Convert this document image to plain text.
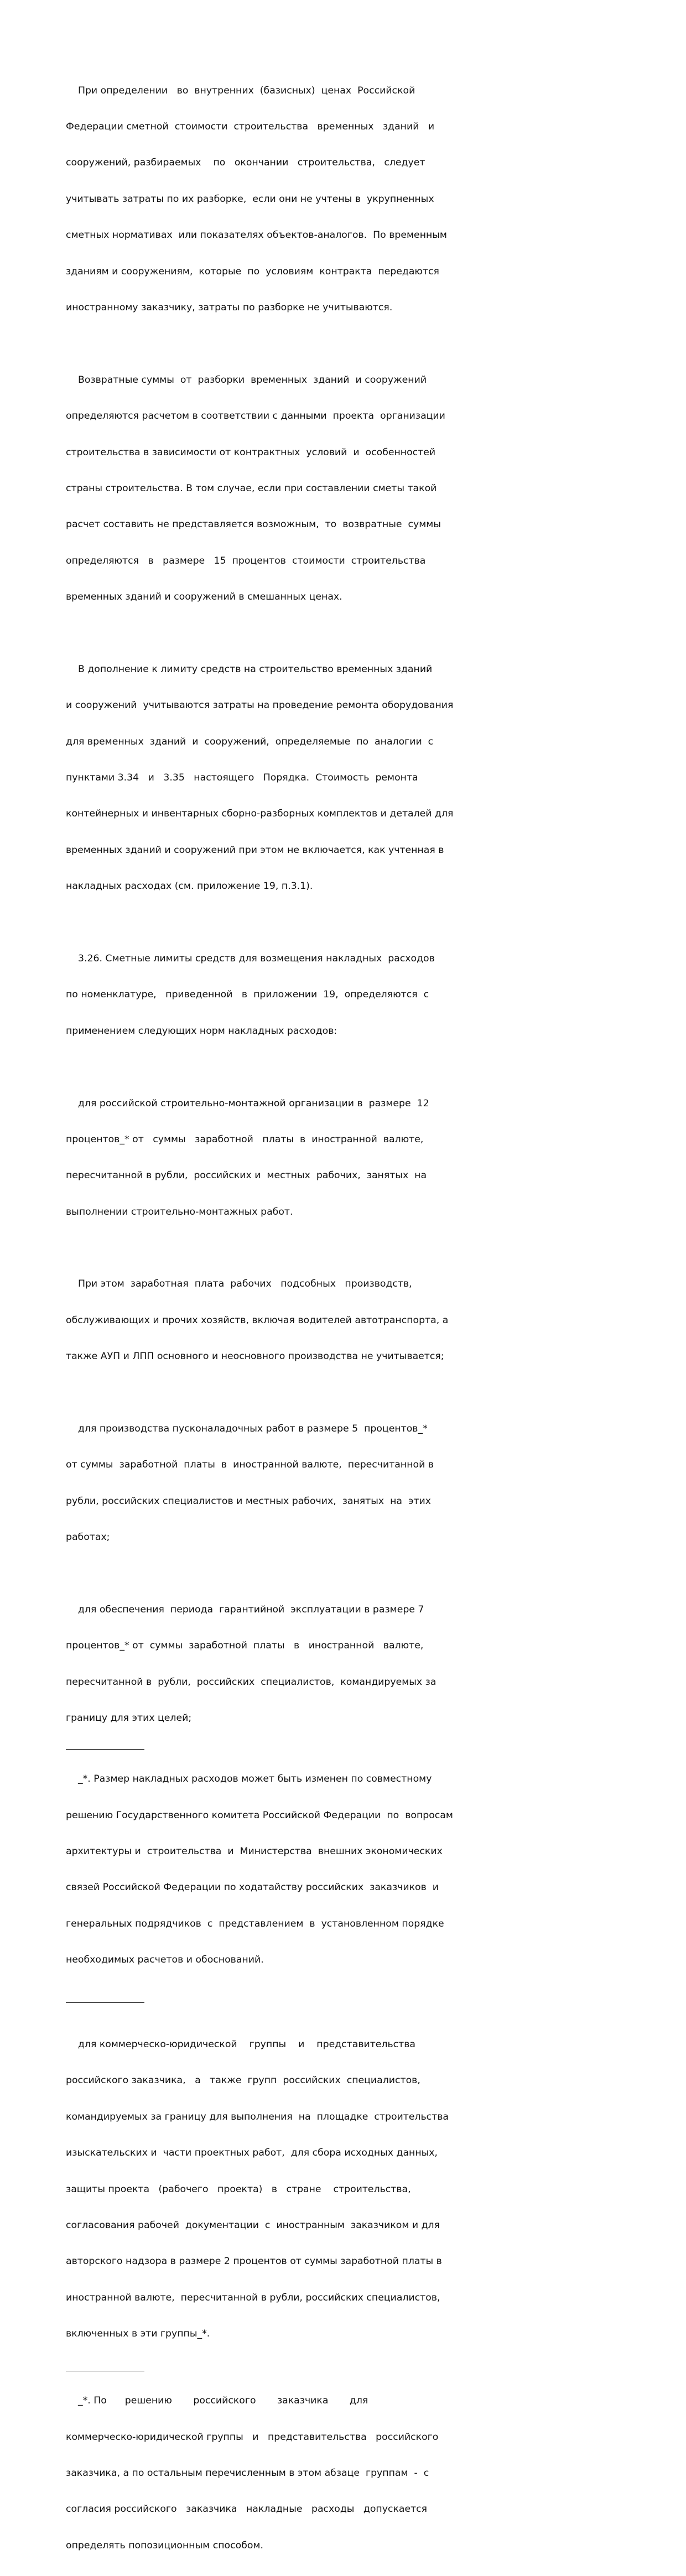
При определении   во  внутренних  (базисных)  ценах  Российской

Федерации сметной  стоимости  строительства   временных   зданий   и

сооружений, разбираемых    по   окончании   строительства,   следует

учитывать затраты по их разборке,  если они не учтены в  укрупненных

сметных нормативах  или показателях объектов-аналогов.  По временным

зданиям и сооружениям,  которые  по  условиям  контракта  передаются

иностранному заказчику, затраты по разборке не учитываются.

Возвратные суммы  от  разборки  временных  зданий  и сооружений

определяются расчетом в соответствии с данными  проекта  организации

строительства в зависимости от контрактных  условий  и  особенностей

страны строительства. В том случае, если при составлении сметы такой

расчет составить не представляется возможным,  то  возвратные  суммы

определяются   в   размере   15  процентов  стоимости  строительства

временных зданий и сооружений в смешанных ценах.

В дополнение к лимиту средств на строительство временных зданий

и сооружений  учитываются затраты на проведение ремонта оборудования

для временных  зданий  и  сооружений,  определяемые  по  аналогии  с

пунктами 3.34   и   3.35   настоящего   Порядка.  Стоимость  ремонта

контейнерных и инвентарных сборно-разборных комплектов и деталей для

временных зданий и сооружений при этом не включается, как учтенная в

накладных расходах (см. приложение 19, п.3.1).

3.26. Сметные лимиты средств для возмещения накладных  расходов

по номенклатуре,   приведенной   в  приложении  19,  определяются  с

применением следующих норм накладных расходов:

для российской строительно-монтажной организации в  размере  12

процентов_* от   суммы   заработной   платы  в  иностранной  валюте,

пересчитанной в рубли,  российских и  местных  рабочих,  занятых  на

выполнении строительно-монтажных работ.

При этом  заработная  плата  рабочих   подсобных   производств,

обслуживающих и прочих хозяйств, включая водителей автотранспорта, а

также АУП и ЛПП основного и неосновного производства не учитывается;

для производства пусконаладочных работ в размере 5  процентов_*

от суммы  заработной  платы  в  иностранной валюте,  пересчитанной в

рубли, российских специалистов и местных рабочих,  занятых  на  этих

работах;

для обеспечения  периода  гарантийной  эксплуатации в размере 7

процентов_* от  суммы  заработной  платы   в   иностранной   валюте,

пересчитанной в  рубли,  российских  специалистов,  командируемых за

границу для этих целей;

_*. Размер накладных расходов может быть изменен по совместному

решению Государственного комитета Российской Федерации  по  вопросам

архитектуры и  строительства  и  Министерства  внешних экономических

связей Российской Федерации по ходатайству российских  заказчиков  и

генеральных подрядчиков  с  представлением  в  установленном порядке

необходимых расчетов и обоснований.

для коммерческо-юридической    группы    и    представительства

российского заказчика,   а   также  групп  российских  специалистов,

командируемых за границу для выполнения  на  площадке  строительства

изыскательских и  части проектных работ,  для сбора исходных данных,

защиты проекта   (рабочего   проекта)   в   стране    строительства,

согласования рабочей  документации  с  иностранным  заказчиком и для

авторского надзора в размере 2 процентов от суммы заработной платы в

иностранной валюте,  пересчитанной в рубли, российских специалистов,

включенных в эти группы_*.

_*. По      решению       российского       заказчика       для

коммерческо-юридической группы   и   представительства   российского

заказчика, а по остальным перечисленным в этом абзаце  группам  -  с

согласия российского   заказчика   накладные   расходы   допускается

определять попозиционным способом.
